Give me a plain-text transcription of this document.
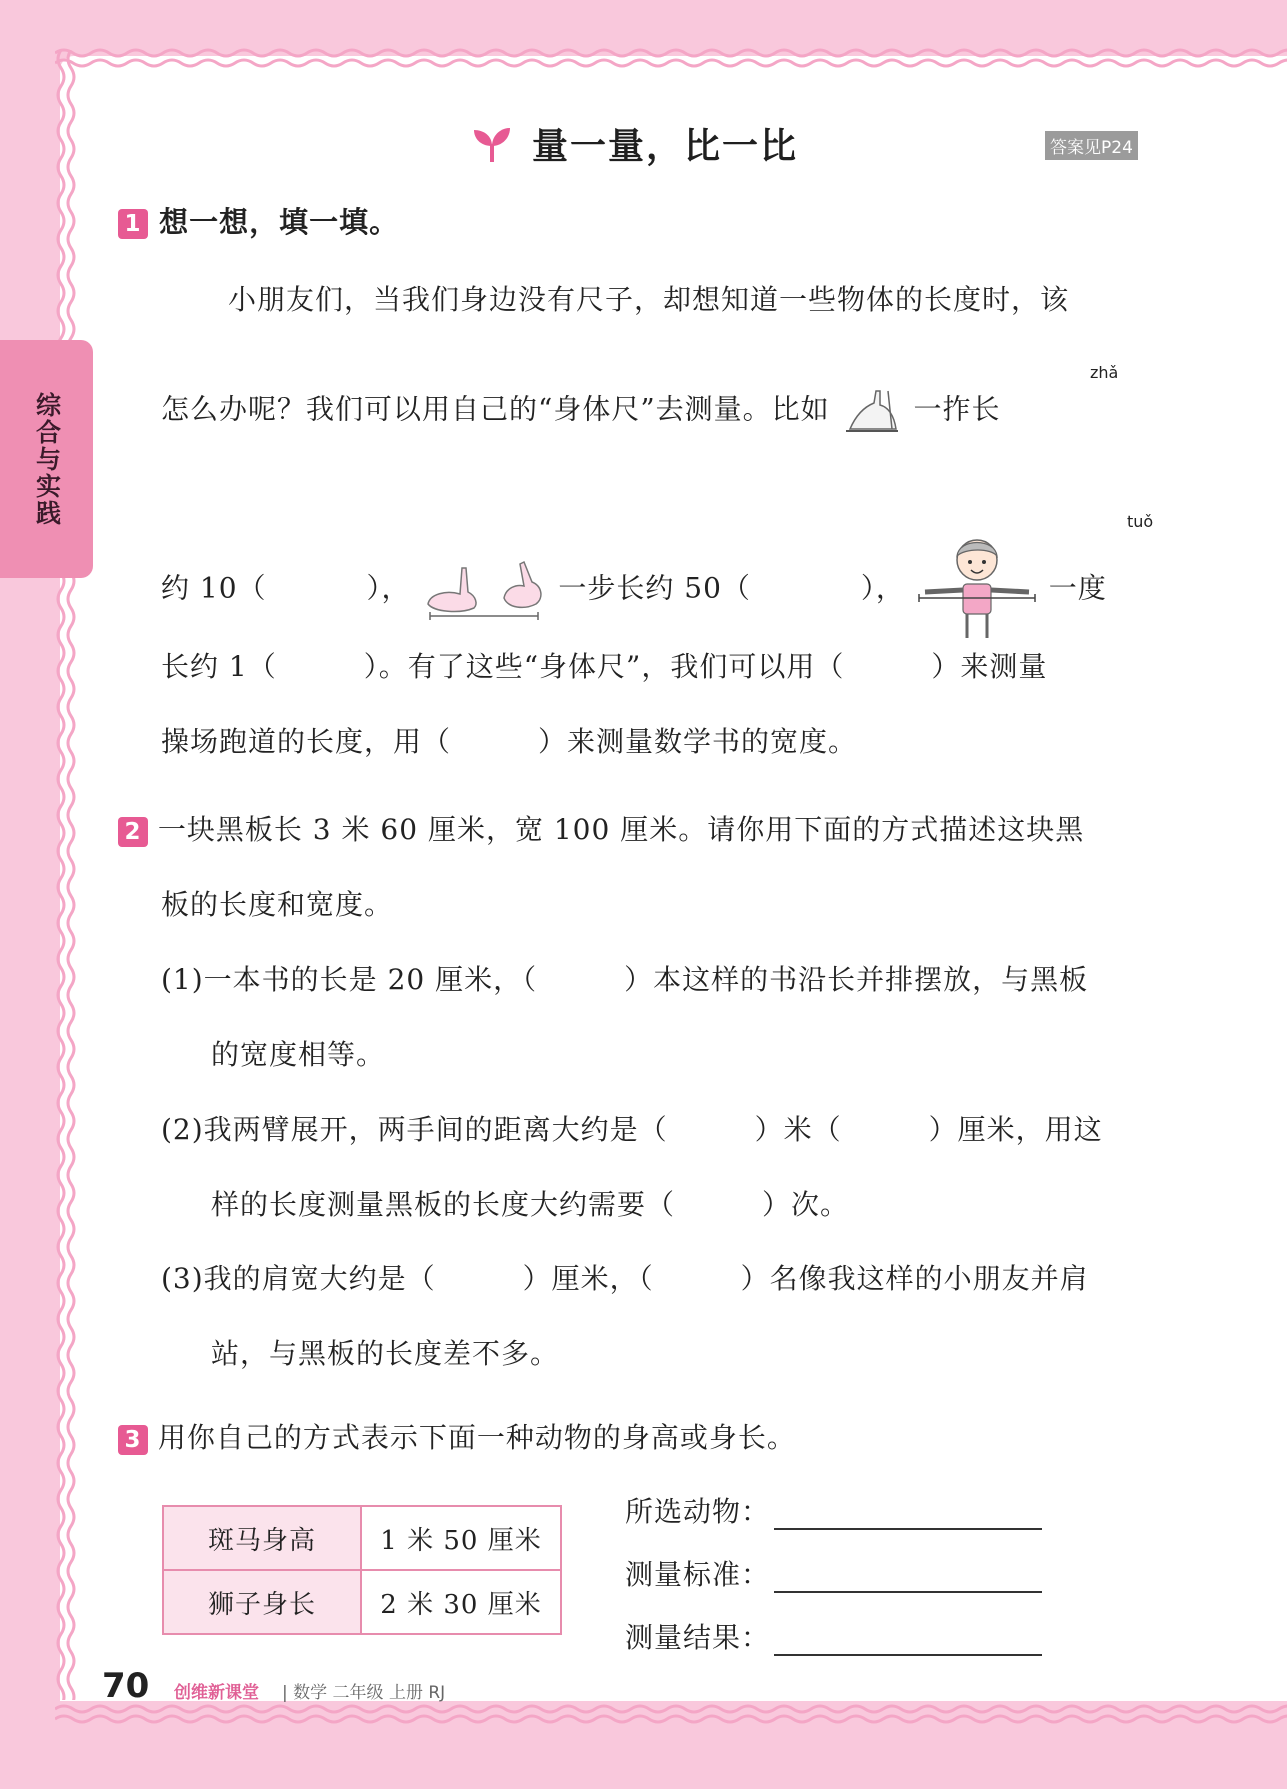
综合与实践
量一量，比一比	答案见P24
1 想一想，填一填。
小朋友们，当我们身边没有尺子，却想知道一些物体的长度时，该
怎么办呢？我们可以用自己的“身体尺”去测量。比如	一拃长
zhǎ
约 10（	），	一步长约 50（	），	一度
tuǒ
长约 1（　　　）。有了这些“身体尺”，我们可以用（　　　）来测量
操场跑道的长度，用（　　　）来测量数学书的宽度。
2 一块黑板长 3 米 60 厘米，宽 100 厘米。请你用下面的方式描述这块黑
板的长度和宽度。
(1)一本书的长是 20 厘米，（　　　）本这样的书沿长并排摆放，与黑板
的宽度相等。
(2)我两臂展开，两手间的距离大约是（　　　）米（　　　）厘米，用这
样的长度测量黑板的长度大约需要（　　　）次。
(3)我的肩宽大约是（　　　）厘米，（　　　）名像我这样的小朋友并肩
站，与黑板的长度差不多。
3 用你自己的方式表示下面一种动物的身高或身长。
斑马身高	1 米 50 厘米
狮子身长	2 米 30 厘米
所选动物：
测量标准：
测量结果：
70 创维新课堂 | 数学 二年级 上册 RJ
